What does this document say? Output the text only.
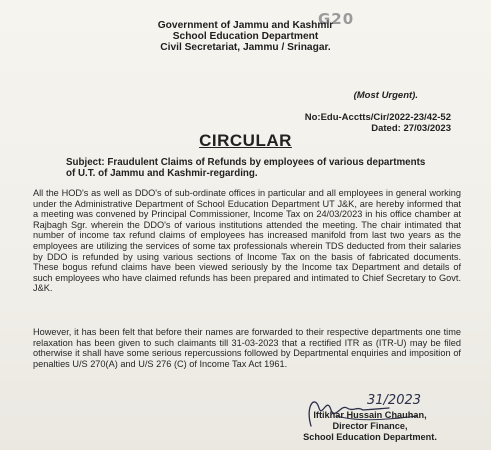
G20
Government of Jammu and Kashmir
School Education Department
Civil Secretariat, Jammu / Srinagar.
(Most Urgent).
No:Edu-Acctts/Cir/2022-23/42-52
Dated: 27/03/2023
CIRCULAR
Subject: Fraudulent Claims of Refunds by employees of various departments of U.T. of Jammu and Kashmir-regarding.
All the HOD's as well as DDO's of sub-ordinate offices in particular and all employees in general working under the Administrative Department of School Education Department UT J&K, are hereby informed that a meeting was convened by Principal Commissioner, Income Tax on 24/03/2023 in his office chamber at Rajbagh Sgr. wherein the DDO's of various institutions attended the meeting. The chair intimated that number of income tax refund claims of employees has increased manifold from last two years as the employees are utilizing the services of some tax professionals wherein TDS deducted from their salaries by DDO is refunded by using various sections of Income Tax on the basis of fabricated documents. These bogus refund claims have been viewed seriously by the Income tax Department and details of such employees who have claimed refunds has been prepared and intimated to Chief Secretary to Govt. J&K.
However, it has been felt that before their names are forwarded to their respective departments one time relaxation has been given to such claimants till 31-03-2023 that a rectified ITR as (ITR-U) may be filed otherwise it shall have some serious repercussions followed by Departmental enquiries and imposition of penalties U/S 270(A) and U/S 276 (C) of Income Tax Act 1961.
31/2023
Iftikhar Hussain Chauhan,
Director Finance,
School Education Department.
